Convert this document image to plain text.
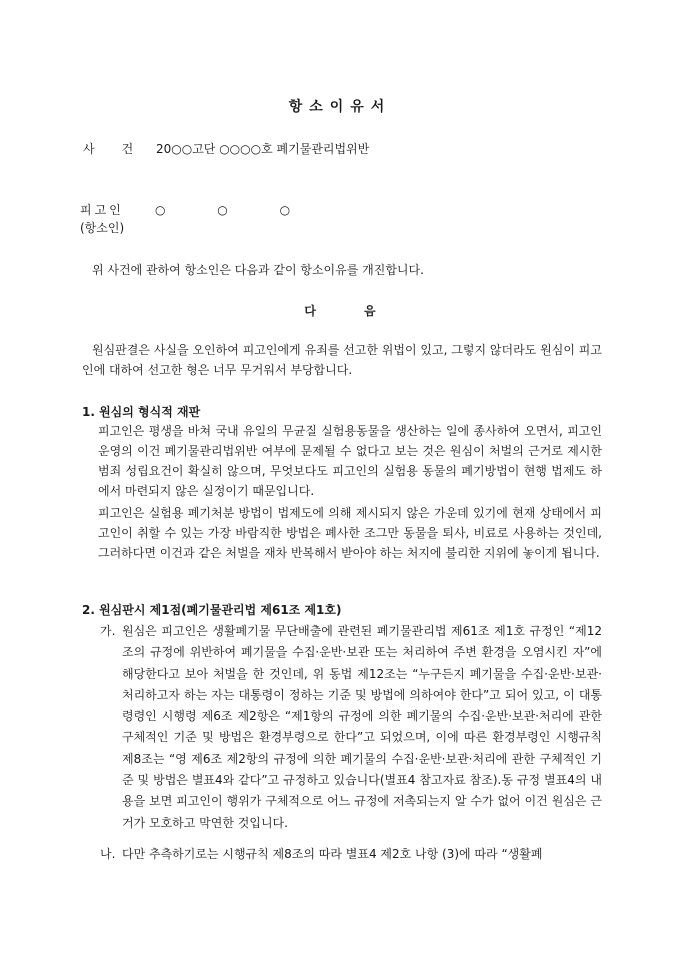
항소이유서
사건
20○○고단 ○○○○호 폐기물관리법위반
피고인	○ ○ ○
(항소인)
위 사건에 관하여 항소인은 다음과 같이 항소이유를 개진합니다.
다음
원심판결은 사실을 오인하여 피고인에게 유죄를 선고한 위법이 있고, 그렇지 않더라도 원심이 피고인에 대하여 선고한 형은 너무 무거워서 부당합니다.
1. 원심의 형식적 재판
피고인은 평생을 바쳐 국내 유일의 무균질 실험용동물을 생산하는 일에 종사하여 오면서, 피고인 운영의 이건 폐기물관리법위반 여부에 문제될 수 없다고 보는 것은 원심이 처벌의 근거로 제시한 범죄 성립요건이 확실히 않으며, 무엇보다도 피고인의 실험용 동물의 폐기방법이 현행 법제도 하에서 마련되지 않은 실정이기 때문입니다.
피고인은 실험용 폐기처분 방법이 법제도에 의해 제시되지 않은 가운데 있기에 현재 상태에서 피고인이 취할 수 있는 가장 바람직한 방법은 폐사한 조그만 동물을 퇴사, 비료로 사용하는 것인데, 그러하다면 이건과 같은 처벌을 재차 반복해서 받아야 하는 처지에 불리한 지위에 놓이게 됩니다.
2. 원심판시 제1점(폐기물관리법 제61조 제1호)
가. 원심은 피고인은 생활폐기물 무단배출에 관련된 폐기물관리법 제61조 제1호 규정인 “제12조의 규정에 위반하여 폐기물을 수집·운반·보관 또는 처리하여 주변 환경을 오염시킨 자”에 해당한다고 보아 처벌을 한 것인데, 위 동법 제12조는 “누구든지 폐기물을 수집·운반·보관·처리하고자 하는 자는 대통령이 정하는 기준 및 방법에 의하여야 한다”고 되어 있고, 이 대통령령인 시행령 제6조 제2항은 “제1항의 규정에 의한 폐기물의 수집·운반·보관·처리에 관한 구체적인 기준 및 방법은 환경부령으로 한다”고 되었으며, 이에 따른 환경부령인 시행규칙 제8조는 “영 제6조 제2항의 규정에 의한 폐기물의 수집·운반·보관·처리에 관한 구체적인 기준 및 방법은 별표4와 같다”고 규정하고 있습니다(별표4 참고자료 참조).동 규정 별표4의 내용을 보면 피고인이 행위가 구체적으로 어느 규정에 저촉되는지 알 수가 없어 이건 원심은 근거가 모호하고 막연한 것입니다.
나. 다만 추측하기로는 시행규칙 제8조의 따라 별표4 제2호 나항 (3)에 따라 “생활폐
